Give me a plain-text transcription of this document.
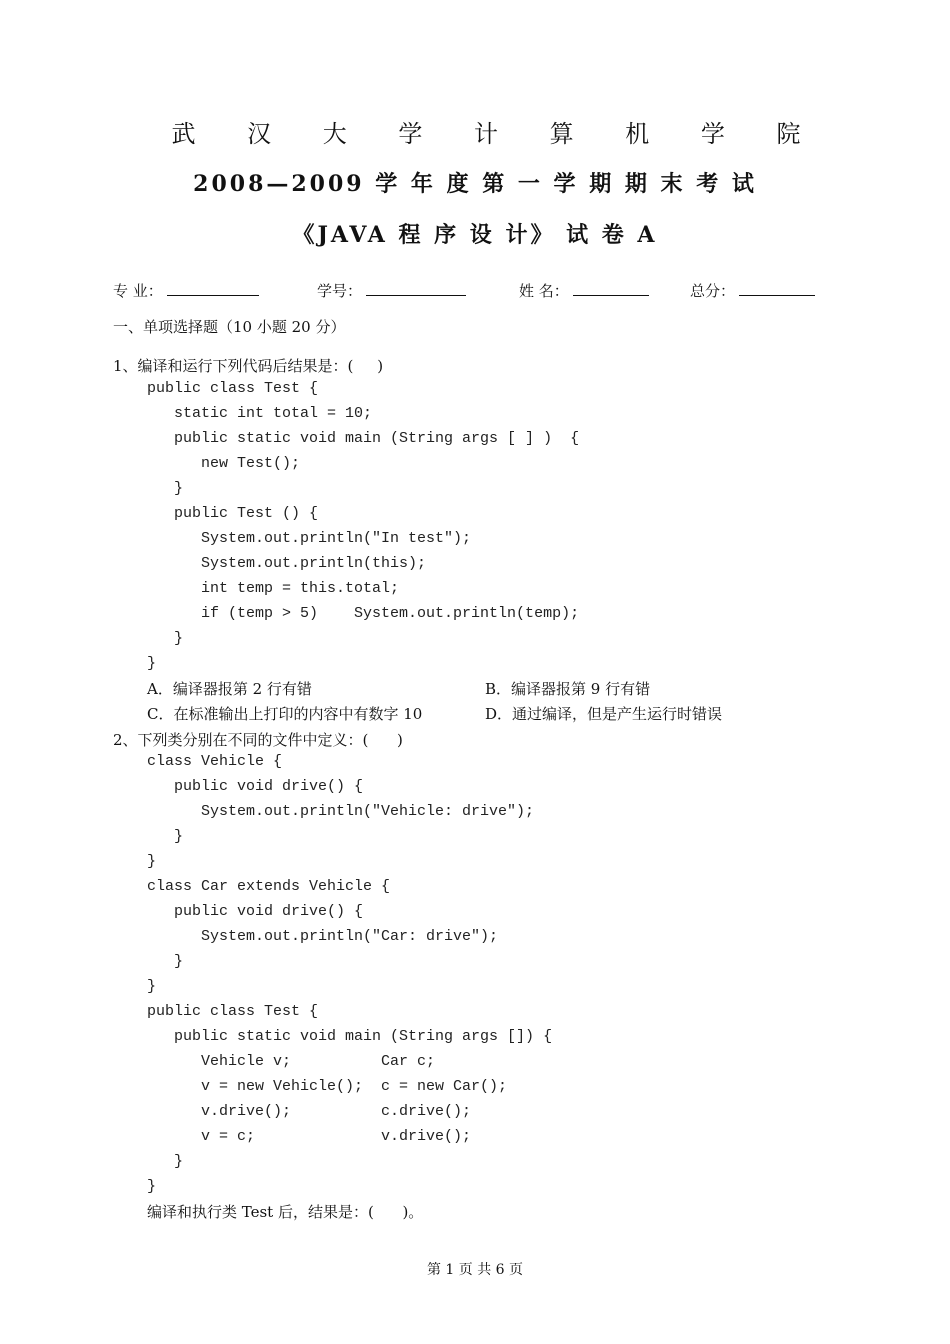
武 汉 大 学 计 算 机 学 院
2008—2009 学 年 度 第 一 学 期 期 末 考 试
《JAVA 程 序 设 计》 试 卷 A
专 业：	学号：	姓 名：	总分：
一、单项选择题（10 小题 20 分）
1、编译和运行下列代码后结果是：(     )
public class Test {
static int total = 10;
public static void main (String args [ ] )  {
new Test();
}
public Test () {
System.out.println("In test");
System.out.println(this);
int temp = this.total;
if (temp > 5)    System.out.println(temp);
}
}
A．编译器报第 2 行有错	B．编译器报第 9 行有错
C．在标准输出上打印的内容中有数字 10	D．通过编译，但是产生运行时错误
2、下列类分别在不同的文件中定义：(      )
class Vehicle {
public void drive() {
System.out.println("Vehicle: drive");
}
}
class Car extends Vehicle {
public void drive() {
System.out.println("Car: drive");
}
}
public class Test {
public static void main (String args []) {
Vehicle v;          Car c;
v = new Vehicle();  c = new Car();
v.drive();          c.drive();
v = c;              v.drive();
}
}
编译和执行类 Test 后，结果是：(      )。
第 1 页 共 6 页
